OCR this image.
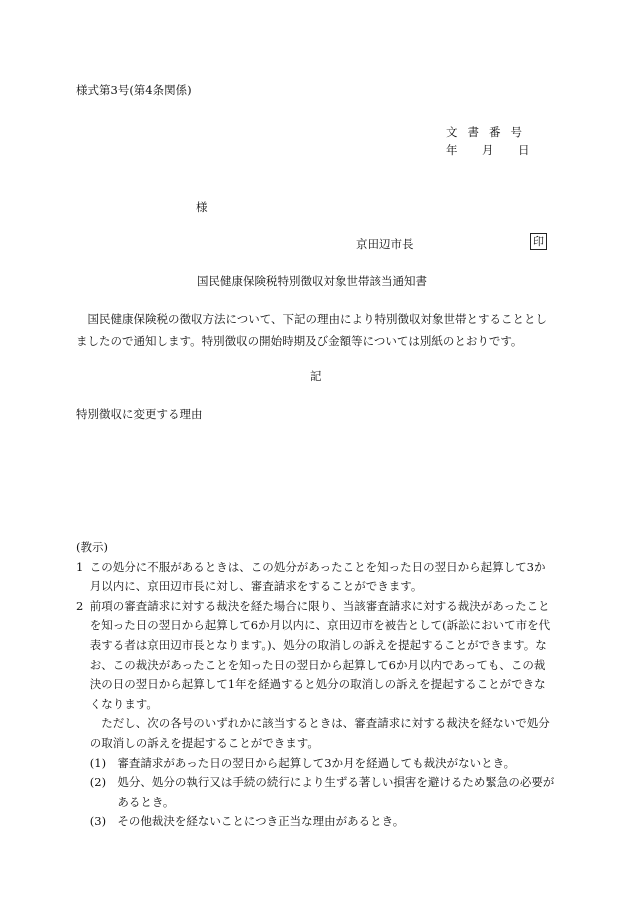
様式第3号(第4条関係)
文書番号
年 月 日
様
京田辺市長	印
国民健康保険税特別徴収対象世帯該当通知書
国民健康保険税の徴収方法について、下記の理由により特別徴収対象世帯とすることとしましたので通知します。特別徴収の開始時期及び金額等については別紙のとおりです。
記
特別徴収に変更する理由
(教示)
1 この処分に不服があるときは、この処分があったことを知った日の翌日から起算して3か月以内に、京田辺市長に対し、審査請求をすることができます。
2 前項の審査請求に対する裁決を経た場合に限り、当該審査請求に対する裁決があったことを知った日の翌日から起算して6か月以内に、京田辺市を被告として(訴訟において市を代表する者は京田辺市長となります。)、処分の取消しの訴えを提起することができます。なお、この裁決があったことを知った日の翌日から起算して6か月以内であっても、この裁決の日の翌日から起算して1年を経過すると処分の取消しの訴えを提起することができなくなります。
ただし、次の各号のいずれかに該当するときは、審査請求に対する裁決を経ないで処分の取消しの訴えを提起することができます。
(1) 審査請求があった日の翌日から起算して3か月を経過しても裁決がないとき。
(2) 処分、処分の執行又は手続の続行により生ずる著しい損害を避けるため緊急の必要があるとき。
(3) その他裁決を経ないことにつき正当な理由があるとき。
